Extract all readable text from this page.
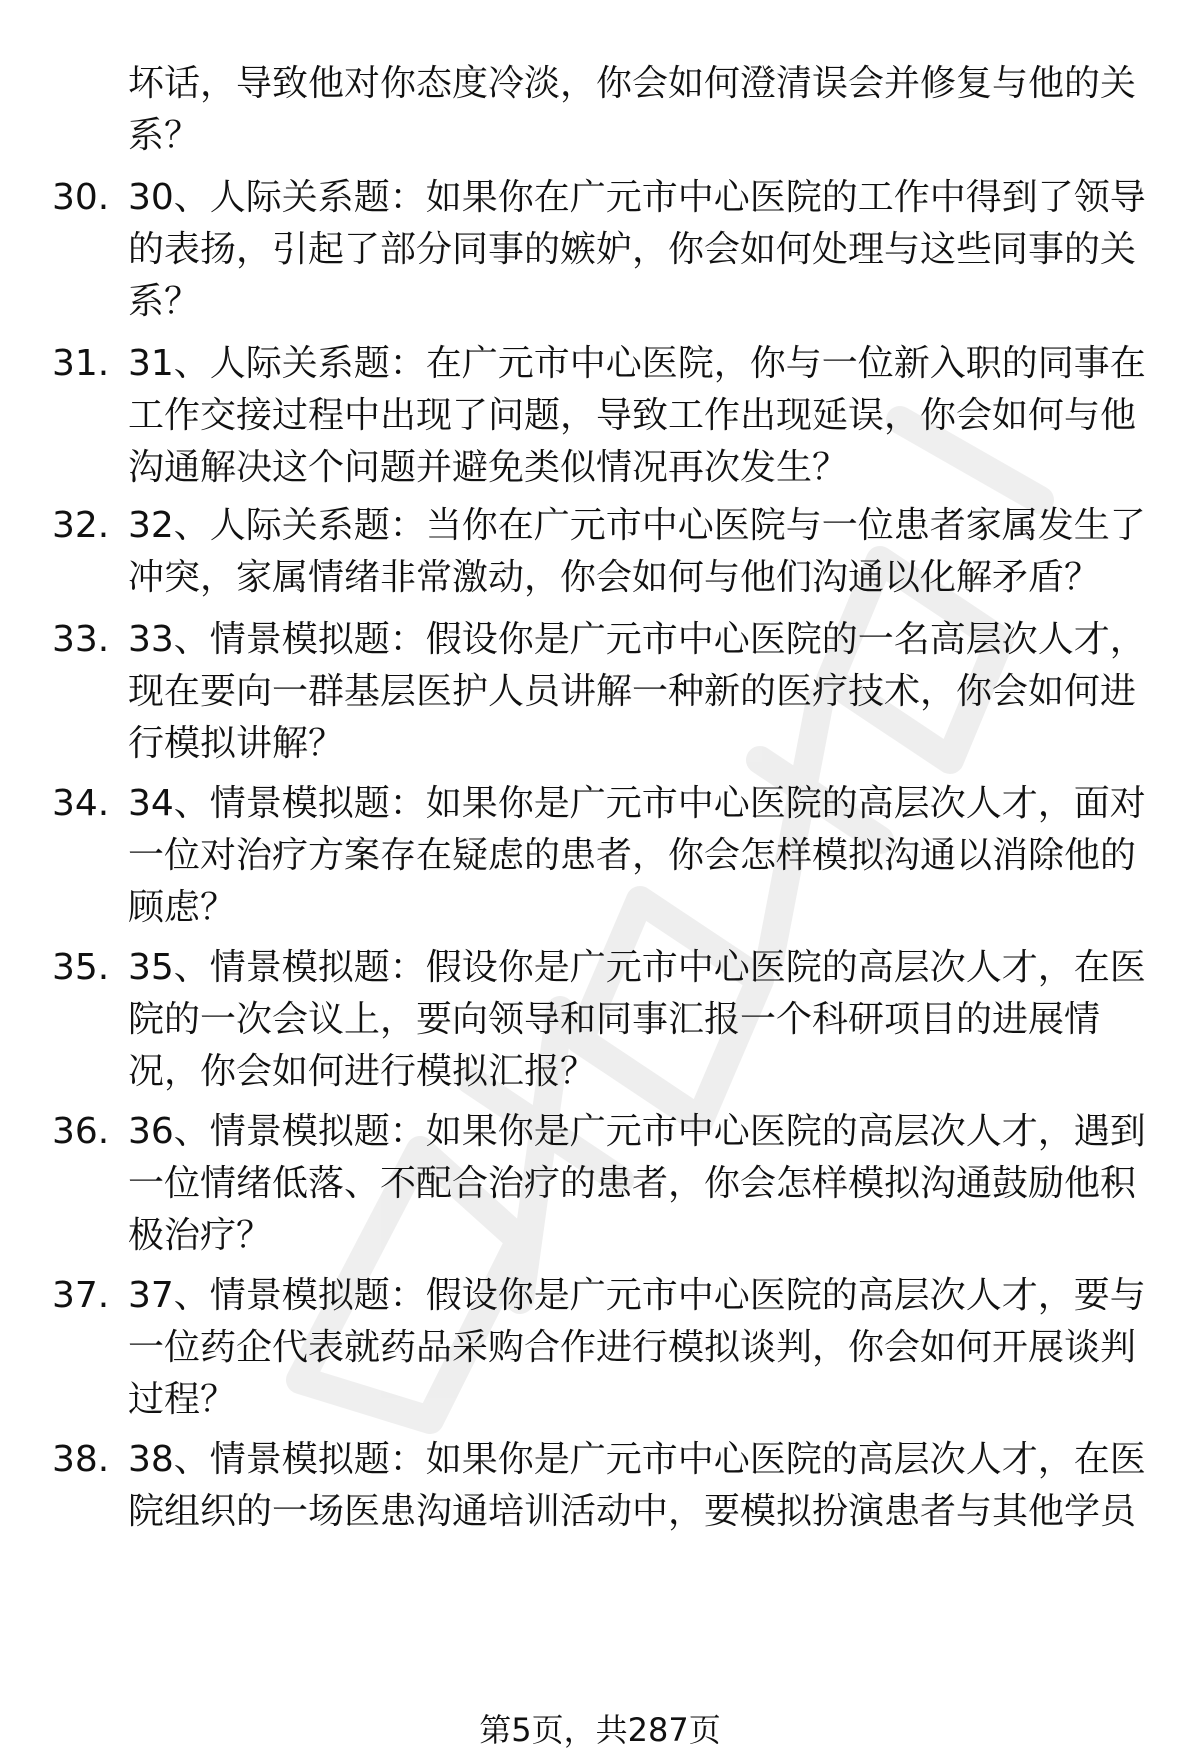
坏话，导致他对你态度冷淡，你会如何澄清误会并修复与他的关系？
30. 30、人际关系题：如果你在广元市中心医院的工作中得到了领导的表扬，引起了部分同事的嫉妒，你会如何处理与这些同事的关系？
31. 31、人际关系题：在广元市中心医院，你与一位新入职的同事在工作交接过程中出现了问题，导致工作出现延误，你会如何与他沟通解决这个问题并避免类似情况再次发生？
32. 32、人际关系题：当你在广元市中心医院与一位患者家属发生了冲突，家属情绪非常激动，你会如何与他们沟通以化解矛盾？
33. 33、情景模拟题：假设你是广元市中心医院的一名高层次人才，现在要向一群基层医护人员讲解一种新的医疗技术，你会如何进行模拟讲解？
34. 34、情景模拟题：如果你是广元市中心医院的高层次人才，面对一位对治疗方案存在疑虑的患者，你会怎样模拟沟通以消除他的顾虑？
35. 35、情景模拟题：假设你是广元市中心医院的高层次人才，在医院的一次会议上，要向领导和同事汇报一个科研项目的进展情况，你会如何进行模拟汇报？
36. 36、情景模拟题：如果你是广元市中心医院的高层次人才，遇到一位情绪低落、不配合治疗的患者，你会怎样模拟沟通鼓励他积极治疗？
37. 37、情景模拟题：假设你是广元市中心医院的高层次人才，要与一位药企代表就药品采购合作进行模拟谈判，你会如何开展谈判过程？
38. 38、情景模拟题：如果你是广元市中心医院的高层次人才，在医院组织的一场医患沟通培训活动中，要模拟扮演患者与其他学员
第5页，共287页
